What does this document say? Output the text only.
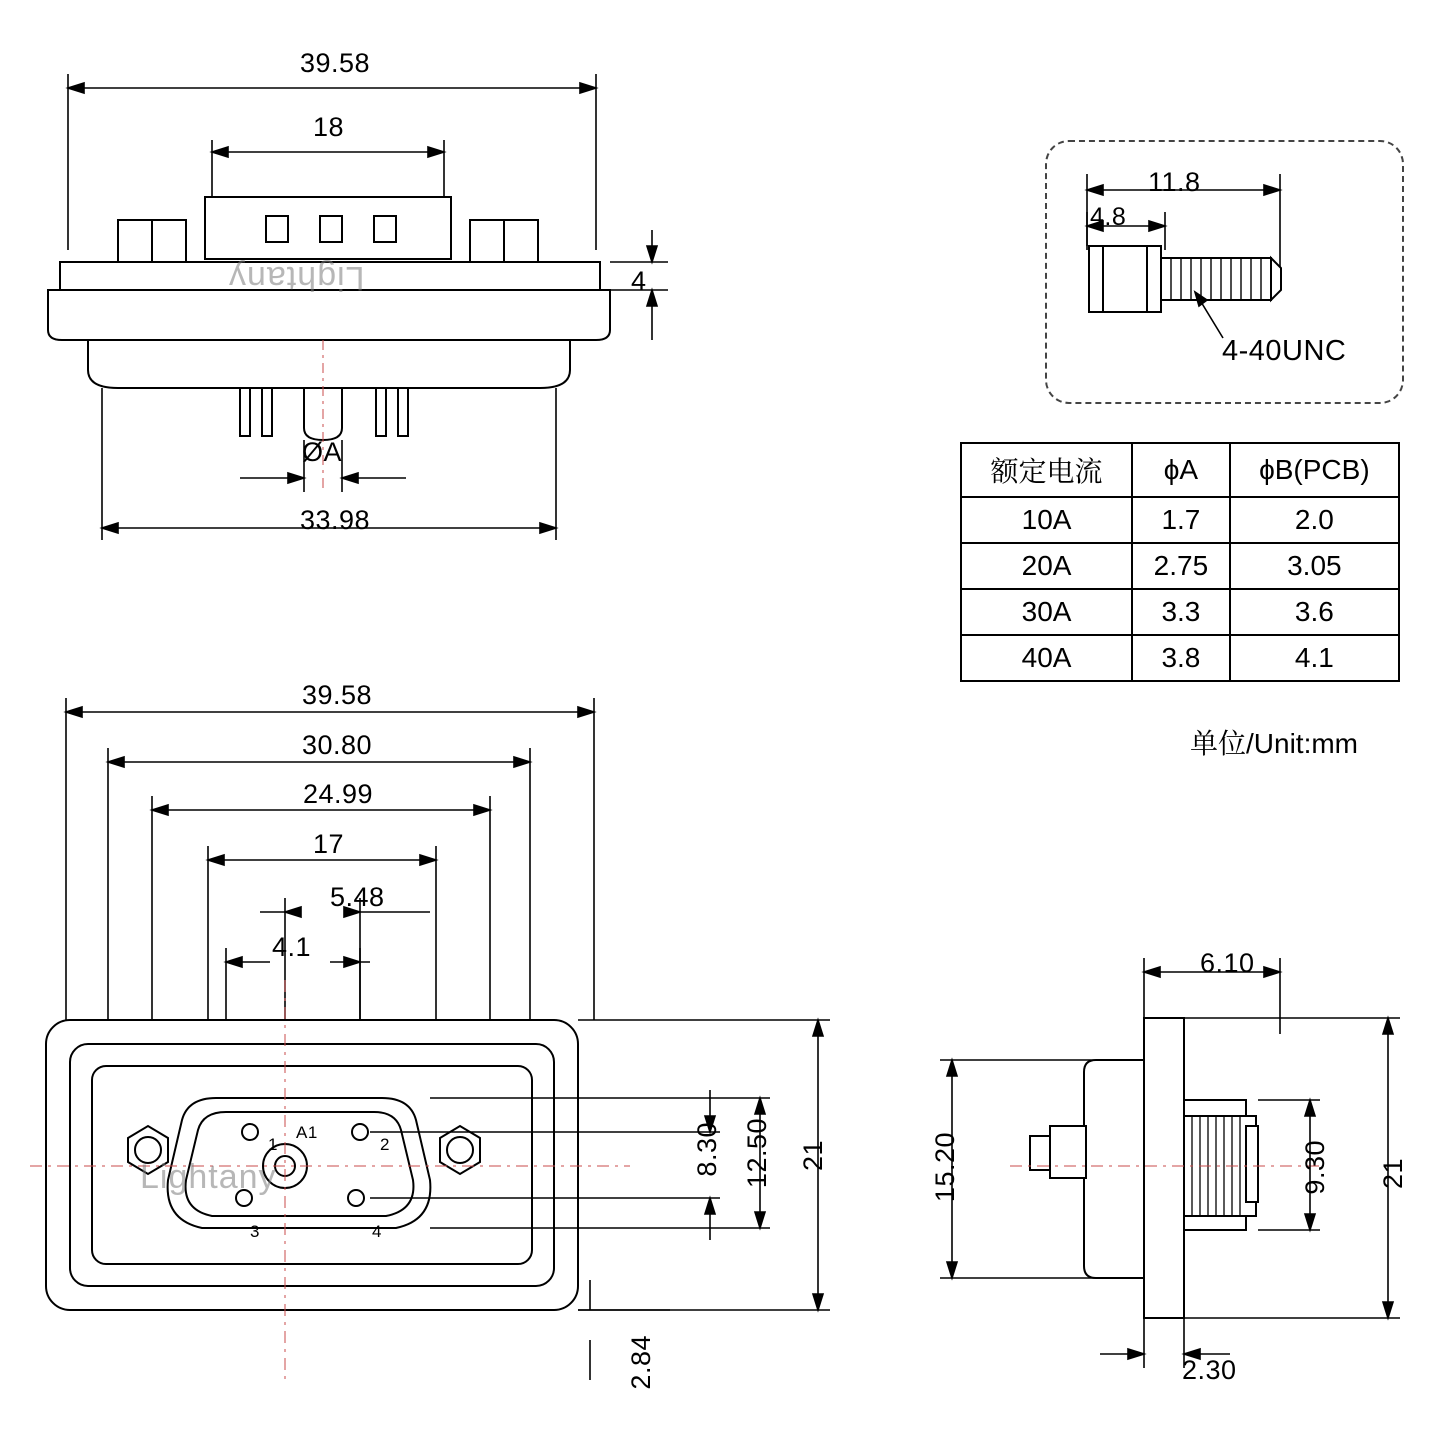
39.58
18
33.98
ØA
4
Lightany
11.8
4.8
4-40UNC
额定电流	ϕA	ϕB(PCB)
10A	1.7	2.0
20A	2.75	3.05
30A	3.3	3.6
40A	3.8	4.1
单位/Unit:mm
39.58
30.80
24.99
17
5.48
4.1
21
12.50
8.30
2.84
1
A1
2
3	4
Lightany
6.10
15.20	9.30 21
2.30
